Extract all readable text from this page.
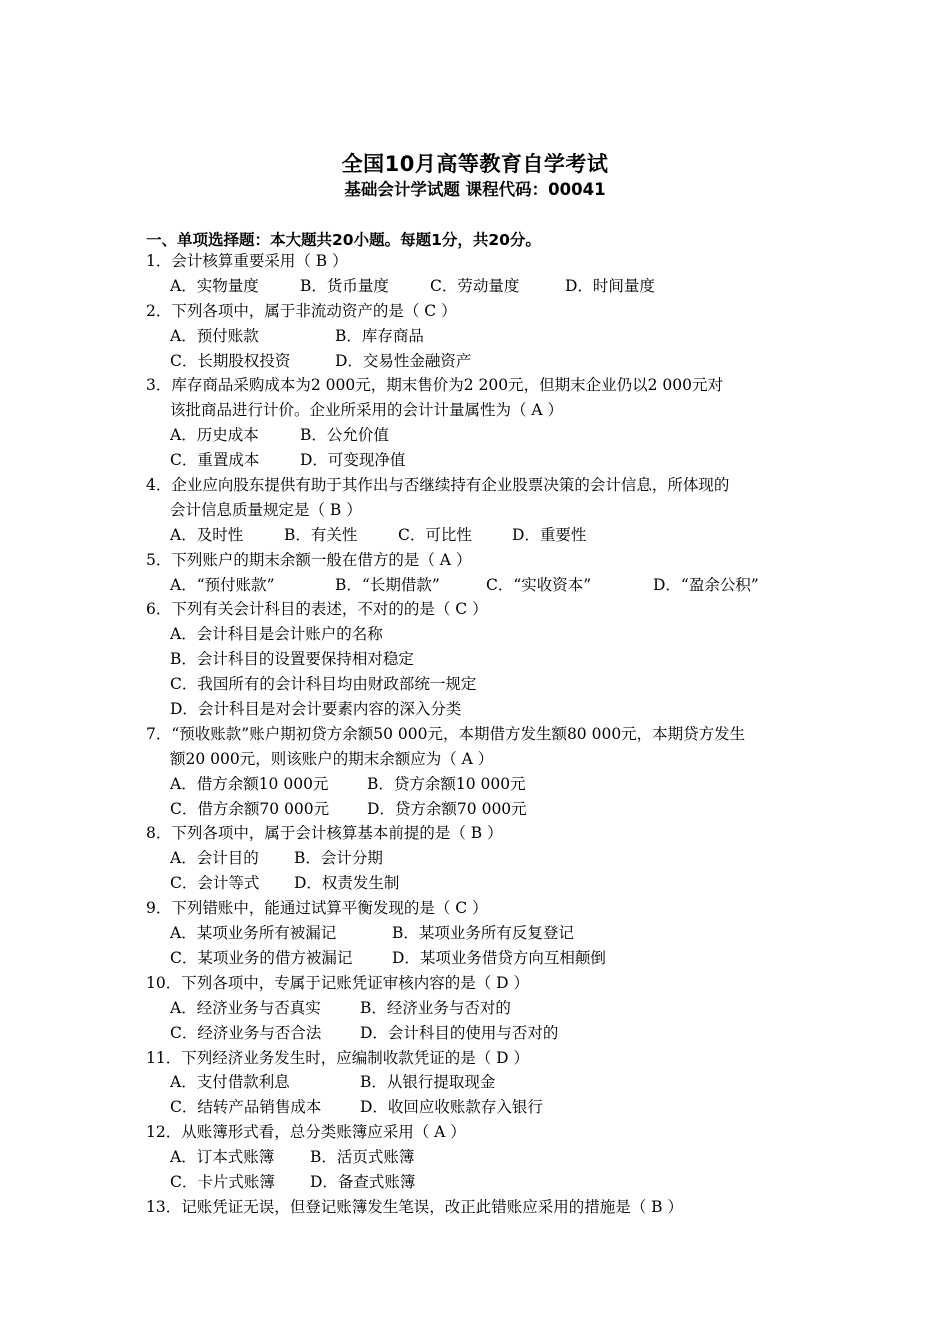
全国10月高等教育自学考试
基础会计学试题 课程代码：00041
一、单项选择题：本大题共20小题。每题1分，共20分。
1．会计核算重要采用（ B ）
A．实物量度	B．货币量度	C．劳动量度	D．时间量度
2．下列各项中，属于非流动资产的是（ C ）
A．预付账款	B．库存商品
C．长期股权投资	D．交易性金融资产
3．库存商品采购成本为2 000元，期末售价为2 200元，但期末企业仍以2 000元对
该批商品进行计价。企业所采用的会计计量属性为（ A ）
A．历史成本	B．公允价值
C．重置成本	D．可变现净值
4．企业应向股东提供有助于其作出与否继续持有企业股票决策的会计信息，所体现的
会计信息质量规定是（ B ）
A．及时性	B．有关性	C．可比性	D．重要性
5．下列账户的期末余额一般在借方的是（ A ）
A．“预付账款”	B．“长期借款”	C．“实收资本”	D．“盈余公积”
6．下列有关会计科目的表述，不对的的是（ C ）
A．会计科目是会计账户的名称
B．会计科目的设置要保持相对稳定
C．我国所有的会计科目均由财政部统一规定
D．会计科目是对会计要素内容的深入分类
7．“预收账款”账户期初贷方余额50 000元，本期借方发生额80 000元，本期贷方发生
额20 000元，则该账户的期末余额应为（ A ）
A．借方余额10 000元 B．贷方余额10 000元
C．借方余额70 000元 D．贷方余额70 000元
8．下列各项中，属于会计核算基本前提的是（ B ）
A．会计目的 B．会计分期
C．会计等式 D．权责发生制
9．下列错账中，能通过试算平衡发现的是（ C ）
A．某项业务所有被漏记	B．某项业务所有反复登记
C．某项业务的借方被漏记	D．某项业务借贷方向互相颠倒
10．下列各项中，专属于记账凭证审核内容的是（ D ）
A．经济业务与否真实	B．经济业务与否对的
C．经济业务与否合法 D．会计科目的使用与否对的
11．下列经济业务发生时，应编制收款凭证的是（ D ）
A．支付借款利息	B．从银行提取现金
C．结转产品销售成本 D．收回应收账款存入银行
12．从账簿形式看，总分类账簿应采用（ A ）
A．订本式账簿 B．活页式账簿
C．卡片式账簿 D．备查式账簿
13．记账凭证无误，但登记账簿发生笔误，改正此错账应采用的措施是（ B ）
